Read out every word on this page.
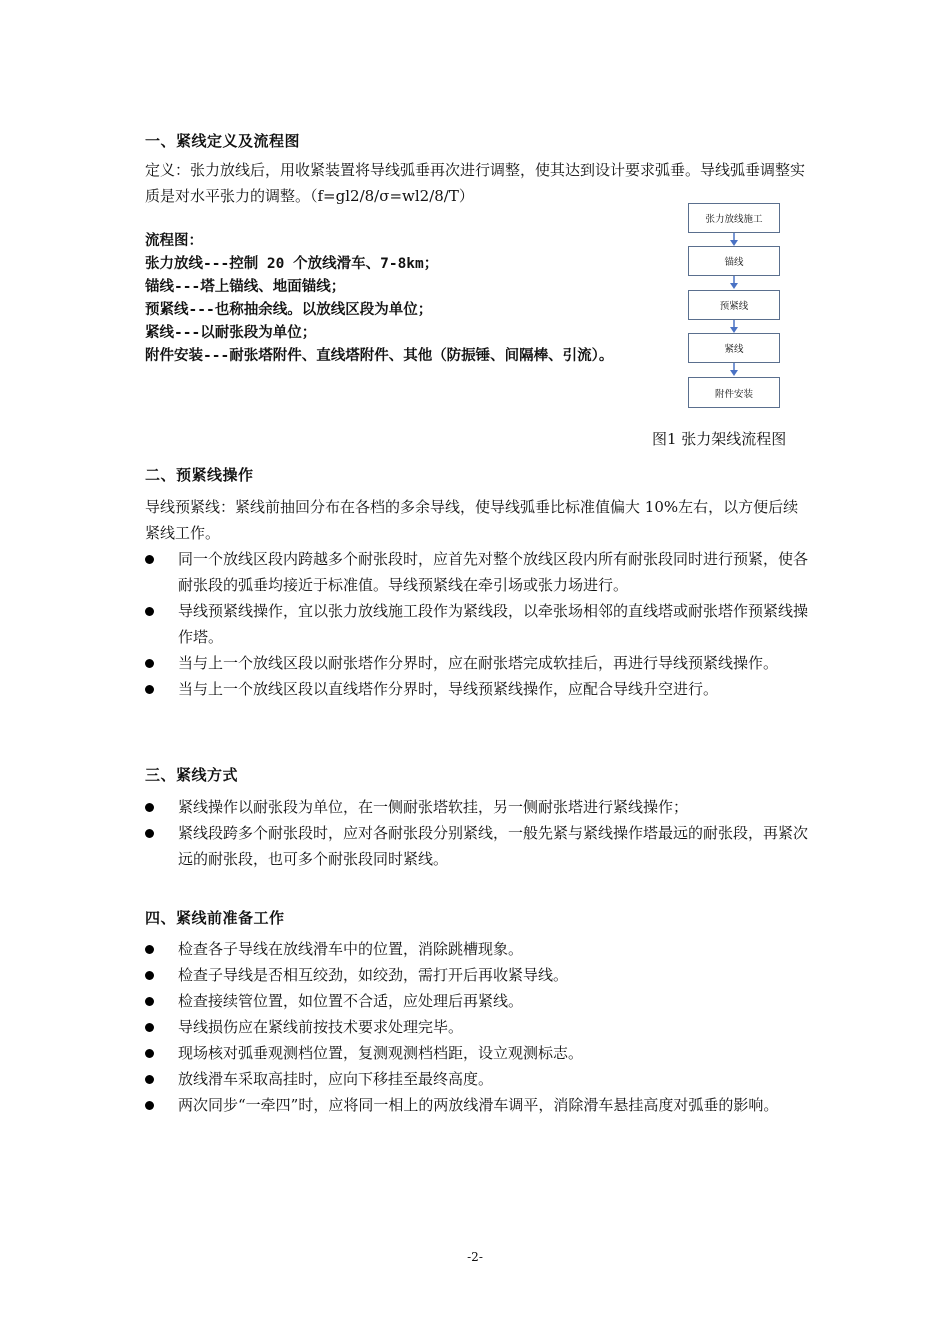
一、紧线定义及流程图
定义：张力放线后，用收紧装置将导线弧垂再次进行调整，使其达到设计要求弧垂。导线弧垂调整实质是对水平张力的调整。（f=gl2/8/σ=wl2/8/T）
流程图：
张力放线---控制 20 个放线滑车、7-8km；
锚线---塔上锚线、地面锚线；
预紧线---也称抽余线。以放线区段为单位；
紧线---以耐张段为单位；
附件安装---耐张塔附件、直线塔附件、其他（防振锤、间隔棒、引流）。
张力放线施工
锚线
预紧线
紧线
附件安装
图1 张力架线流程图
二、预紧线操作
导线预紧线：紧线前抽回分布在各档的多余导线，使导线弧垂比标准值偏大 10%左右，以方便后续紧线工作。
同一个放线区段内跨越多个耐张段时，应首先对整个放线区段内所有耐张段同时进行预紧，使各耐张段的弧垂均接近于标准值。导线预紧线在牵引场或张力场进行。
导线预紧线操作，宜以张力放线施工段作为紧线段，以牵张场相邻的直线塔或耐张塔作预紧线操作塔。
当与上一个放线区段以耐张塔作分界时，应在耐张塔完成软挂后，再进行导线预紧线操作。
当与上一个放线区段以直线塔作分界时，导线预紧线操作，应配合导线升空进行。
三、紧线方式
紧线操作以耐张段为单位，在一侧耐张塔软挂，另一侧耐张塔进行紧线操作；
紧线段跨多个耐张段时，应对各耐张段分别紧线，一般先紧与紧线操作塔最远的耐张段，再紧次远的耐张段，也可多个耐张段同时紧线。
四、紧线前准备工作
检查各子导线在放线滑车中的位置，消除跳槽现象。
检查子导线是否相互绞劲，如绞劲，需打开后再收紧导线。
检查接续管位置，如位置不合适，应处理后再紧线。
导线损伤应在紧线前按技术要求处理完毕。
现场核对弧垂观测档位置，复测观测档档距，设立观测标志。
放线滑车采取高挂时，应向下移挂至最终高度。
两次同步“一牵四”时，应将同一相上的两放线滑车调平，消除滑车悬挂高度对弧垂的影响。
-2-
